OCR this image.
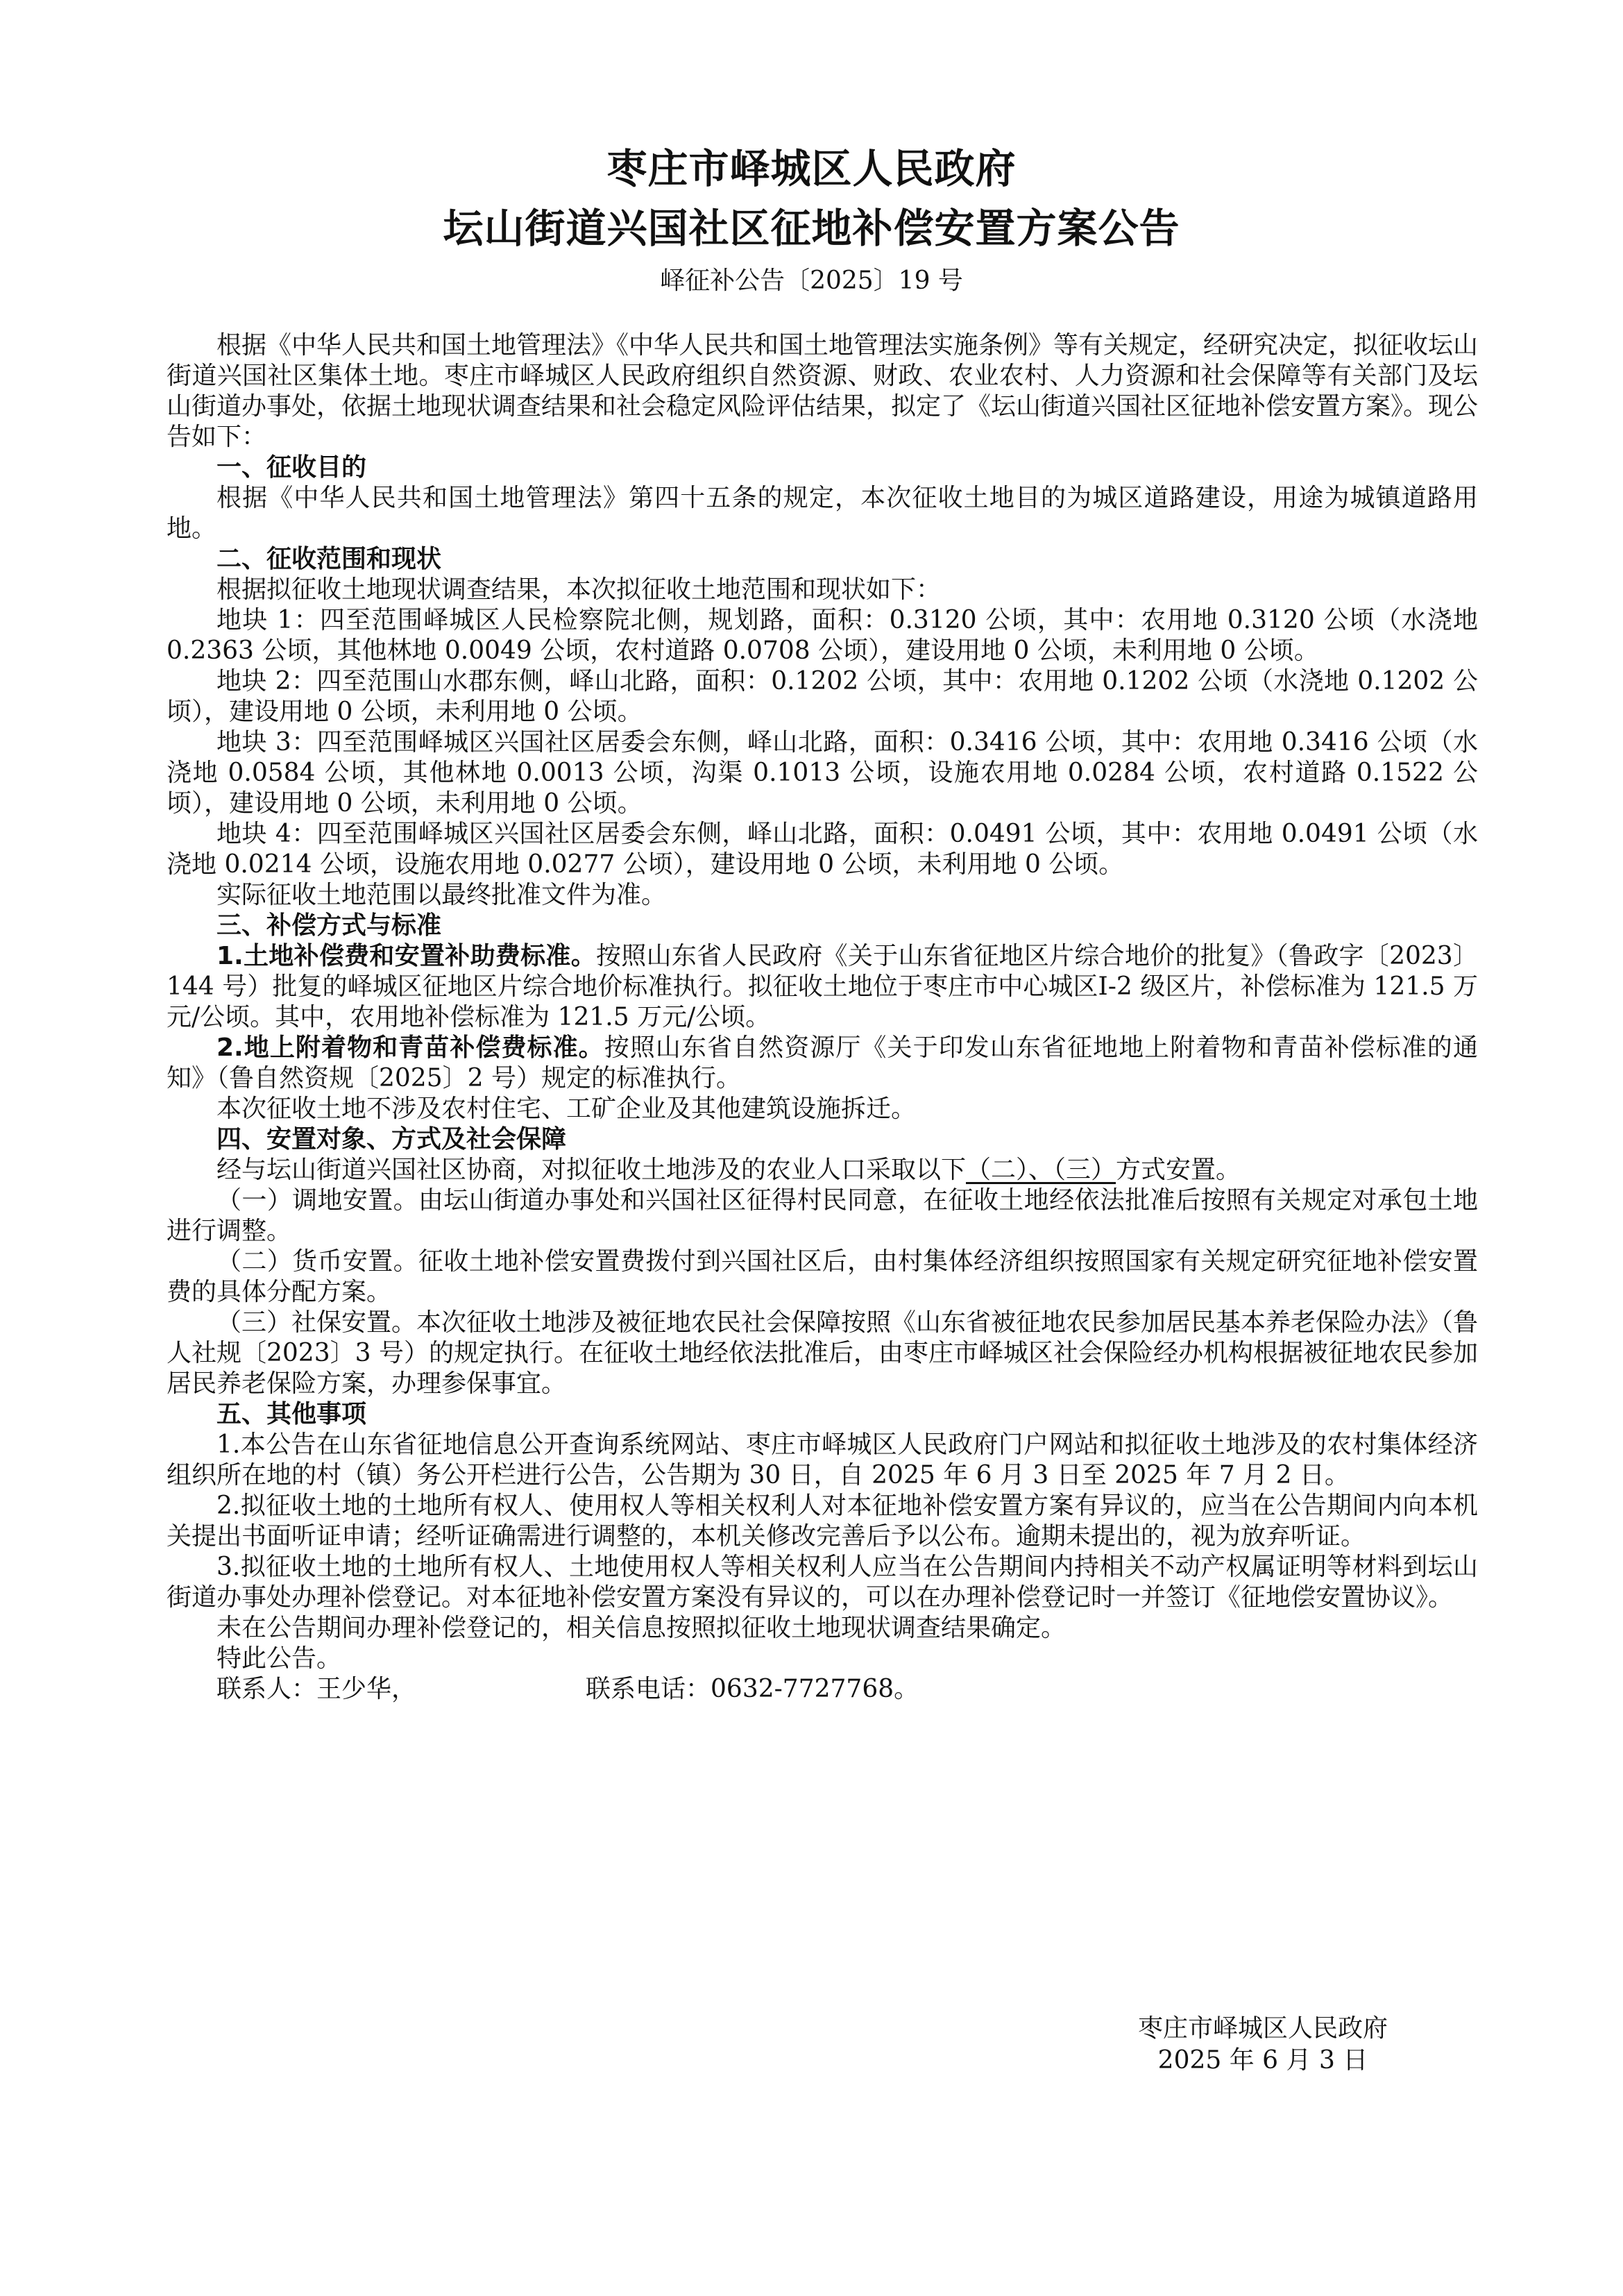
枣庄市峄城区人民政府
坛山街道兴国社区征地补偿安置方案公告
峄征补公告〔2025〕19 号

根据《中华人民共和国土地管理法》《中华人民共和国土地管理法实施条例》等有关规定，经研究决定，拟征收坛山街道兴国社区集体土地。枣庄市峄城区人民政府组织自然资源、财政、农业农村、人力资源和社会保障等有关部门及坛山街道办事处，依据土地现状调查结果和社会稳定风险评估结果，拟定了《坛山街道兴国社区征地补偿安置方案》。现公告如下：

一、征收目的

根据《中华人民共和国土地管理法》第四十五条的规定，本次征收土地目的为城区道路建设，用途为城镇道路用地。

二、征收范围和现状

根据拟征收土地现状调查结果，本次拟征收土地范围和现状如下：

地块 1：四至范围峄城区人民检察院北侧，规划路，面积：0.3120 公顷，其中：农用地 0.3120 公顷（水浇地 0.2363 公顷，其他林地 0.0049 公顷，农村道路 0.0708 公顷），建设用地 0 公顷，未利用地 0 公顷。

地块 2：四至范围山水郡东侧，峄山北路，面积：0.1202 公顷，其中：农用地 0.1202 公顷（水浇地 0.1202 公顷），建设用地 0 公顷，未利用地 0 公顷。

地块 3：四至范围峄城区兴国社区居委会东侧，峄山北路，面积：0.3416 公顷，其中：农用地 0.3416 公顷（水浇地 0.0584 公顷，其他林地 0.0013 公顷，沟渠 0.1013 公顷，设施农用地 0.0284 公顷，农村道路 0.1522 公顷），建设用地 0 公顷，未利用地 0 公顷。

地块 4：四至范围峄城区兴国社区居委会东侧，峄山北路，面积：0.0491 公顷，其中：农用地 0.0491 公顷（水浇地 0.0214 公顷，设施农用地 0.0277 公顷），建设用地 0 公顷，未利用地 0 公顷。

实际征收土地范围以最终批准文件为准。

三、补偿方式与标准

1.土地补偿费和安置补助费标准。按照山东省人民政府《关于山东省征地区片综合地价的批复》（鲁政字〔2023〕144 号）批复的峄城区征地区片综合地价标准执行。拟征收土地位于枣庄市中心城区I-2 级区片，补偿标准为 121.5 万元/公顷。其中，农用地补偿标准为 121.5 万元/公顷。

2.地上附着物和青苗补偿费标准。按照山东省自然资源厅《关于印发山东省征地地上附着物和青苗补偿标准的通知》（鲁自然资规〔2025〕2 号）规定的标准执行。

本次征收土地不涉及农村住宅、工矿企业及其他建筑设施拆迁。

四、安置对象、方式及社会保障

经与坛山街道兴国社区协商，对拟征收土地涉及的农业人口采取以下（二）、（三）方式安置。

（一）调地安置。由坛山街道办事处和兴国社区征得村民同意，在征收土地经依法批准后按照有关规定对承包土地进行调整。

（二）货币安置。征收土地补偿安置费拨付到兴国社区后，由村集体经济组织按照国家有关规定研究征地补偿安置费的具体分配方案。

（三）社保安置。本次征收土地涉及被征地农民社会保障按照《山东省被征地农民参加居民基本养老保险办法》（鲁人社规〔2023〕3 号）的规定执行。在征收土地经依法批准后，由枣庄市峄城区社会保险经办机构根据被征地农民参加居民养老保险方案，办理参保事宜。

五、其他事项

1.本公告在山东省征地信息公开查询系统网站、枣庄市峄城区人民政府门户网站和拟征收土地涉及的农村集体经济组织所在地的村（镇）务公开栏进行公告，公告期为 30 日，自 2025 年 6 月 3 日至 2025 年 7 月 2 日。

2.拟征收土地的土地所有权人、使用权人等相关权利人对本征地补偿安置方案有异议的，应当在公告期间内向本机关提出书面听证申请；经听证确需进行调整的，本机关修改完善后予以公布。逾期未提出的，视为放弃听证。

3.拟征收土地的土地所有权人、土地使用权人等相关权利人应当在公告期间内持相关不动产权属证明等材料到坛山街道办事处办理补偿登记。对本征地补偿安置方案没有异议的，可以在办理补偿登记时一并签订《征地偿安置协议》。

未在公告期间办理补偿登记的，相关信息按照拟征收土地现状调查结果确定。

特此公告。

联系人：王少华，	联系电话：0632-7727768。

枣庄市峄城区人民政府
2025 年 6 月 3 日
